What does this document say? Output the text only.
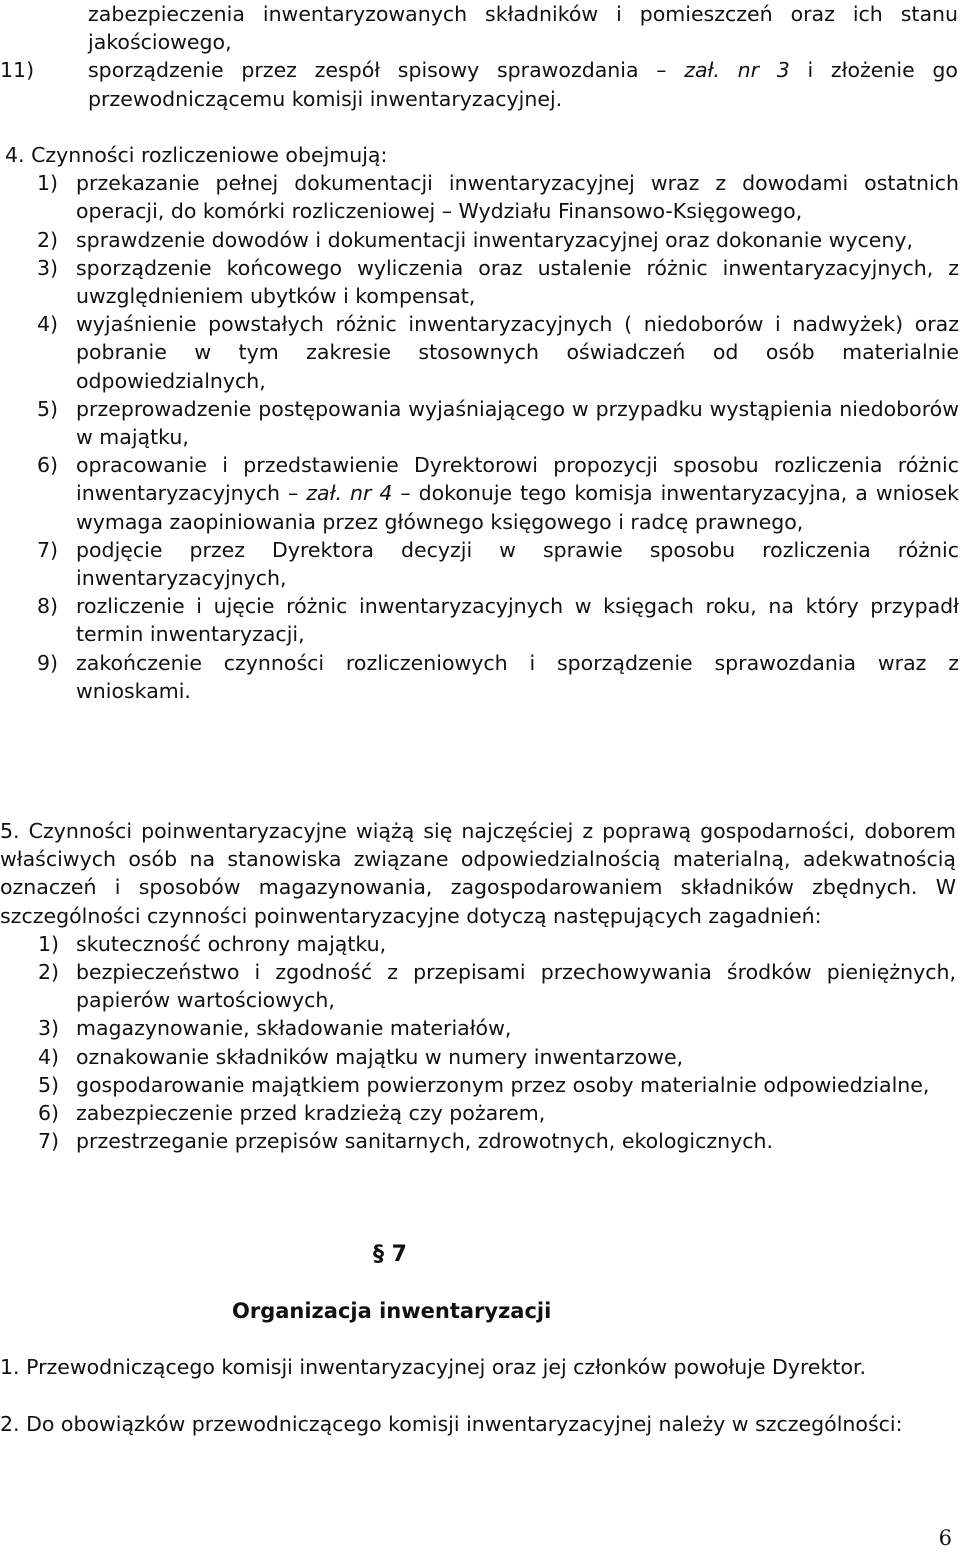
zabezpieczenia inwentaryzowanych składników i pomieszczeń oraz ich stanu jakościowego,
11)	sporządzenie przez zespół spisowy sprawozdania – zał. nr 3 i złożenie go przewodniczącemu komisji inwentaryzacyjnej.
4. Czynności rozliczeniowe obejmują:
1) przekazanie pełnej dokumentacji inwentaryzacyjnej wraz z dowodami ostatnich operacji, do komórki rozliczeniowej – Wydziału Finansowo-Księgowego,
2) sprawdzenie dowodów i dokumentacji inwentaryzacyjnej oraz dokonanie wyceny,
3) sporządzenie końcowego wyliczenia oraz ustalenie różnic inwentaryzacyjnych, z uwzględnieniem ubytków i kompensat,
4) wyjaśnienie powstałych różnic inwentaryzacyjnych ( niedoborów i nadwyżek) oraz pobranie w tym zakresie stosownych oświadczeń od osób materialnie odpowiedzialnych,
5) przeprowadzenie postępowania wyjaśniającego w przypadku wystąpienia niedoborów w majątku,
6) opracowanie i przedstawienie Dyrektorowi propozycji sposobu rozliczenia różnic inwentaryzacyjnych – zał. nr 4 – dokonuje tego komisja inwentaryzacyjna, a wniosek wymaga zaopiniowania przez głównego księgowego i radcę prawnego,
7) podjęcie przez Dyrektora decyzji w sprawie sposobu rozliczenia różnic inwentaryzacyjnych,
8) rozliczenie i ujęcie różnic inwentaryzacyjnych w księgach roku, na który przypadł termin inwentaryzacji,
9) zakończenie czynności rozliczeniowych i sporządzenie sprawozdania wraz z wnioskami.
5. Czynności poinwentaryzacyjne wiążą się najczęściej z poprawą gospodarności, doborem właściwych osób na stanowiska związane odpowiedzialnością materialną, adekwatnością oznaczeń i sposobów magazynowania, zagospodarowaniem składników zbędnych. W szczególności czynności poinwentaryzacyjne dotyczą następujących zagadnień:
1) skuteczność ochrony majątku,
2) bezpieczeństwo i zgodność z przepisami przechowywania środków pieniężnych, papierów wartościowych,
3) magazynowanie, składowanie materiałów,
4) oznakowanie składników majątku w numery inwentarzowe,
5) gospodarowanie majątkiem powierzonym przez osoby materialnie odpowiedzialne,
6) zabezpieczenie przed kradzieżą czy pożarem,
7) przestrzeganie przepisów sanitarnych, zdrowotnych, ekologicznych.
§ 7
Organizacja inwentaryzacji
1. Przewodniczącego komisji inwentaryzacyjnej oraz jej członków powołuje Dyrektor.
2. Do obowiązków przewodniczącego komisji inwentaryzacyjnej należy w szczególności:
6
